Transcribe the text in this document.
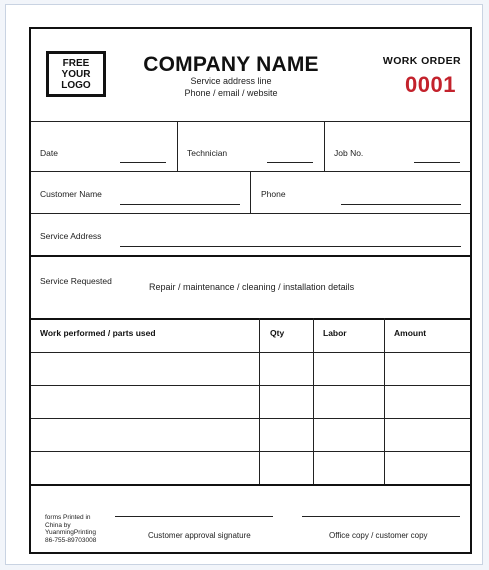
FREE
YOUR
LOGO
COMPANY NAME
Service address line
Phone / email / website
WORK ORDER
0001
Date	Technician	Job No.
Customer Name	Phone
Service Address
Service Requested
Repair / maintenance / cleaning / installation details
Work performed / parts used	Qty	Labor	Amount
forms Printed in
China by
YuanmingPrinting
86-755-89703008	Customer approval signature	Office copy / customer copy
